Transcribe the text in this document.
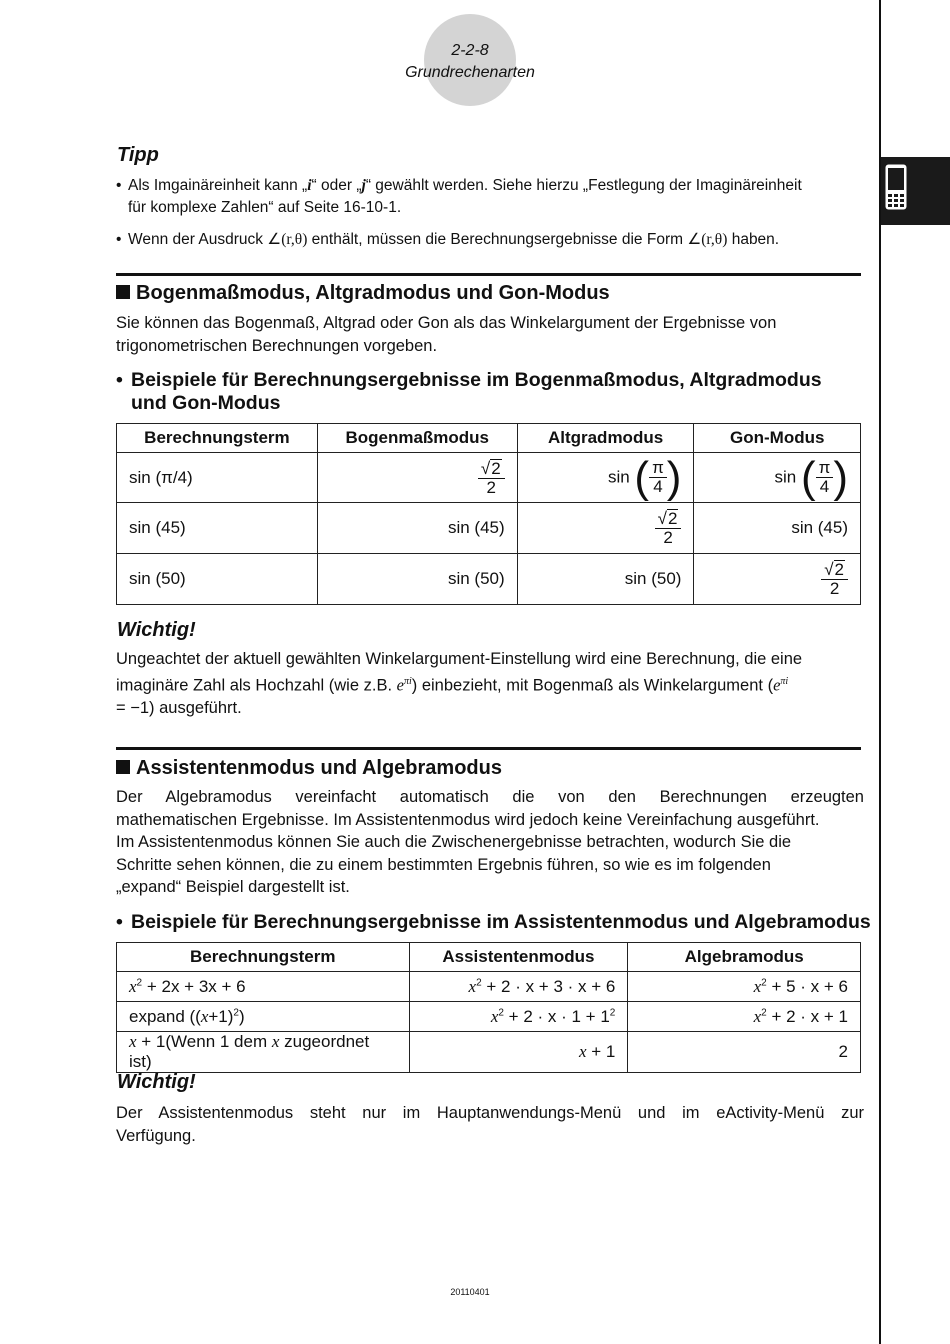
2-2-8
Grundrechenarten
Tipp
• Als Imgainäreinheit kann „i“ oder „j“ gewählt werden. Siehe hierzu „Festlegung der Imaginäreinheit
für komplexe Zahlen“ auf Seite 16-10-1.
• Wenn der Ausdruck ∠(r,θ) enthält, müssen die Berechnungsergebnisse die Form ∠(r,θ) haben.
Bogenmaßmodus, Altgradmodus und Gon-Modus
Sie können das Bogenmaß, Altgrad oder Gon als das Winkelargument der Ergebnisse von
trigonometrischen Berechnungen vorgeben.
• Beispiele für Berechnungsergebnisse im Bogenmaßmodus, Altgradmodus
und Gon-Modus
Berechnungsterm	Bogenmaßmodus	Altgradmodus	Gon-Modus
sin (π/4)	$\frac{√ 2}{2}$	sin ( $\frac{\pi}{4}$ )	sin ( $\frac{\pi}{4}$ )
sin (45)	sin (45)	$\frac{√ 2}{2}$	sin (45)
sin (50)	sin (50)	sin (50)	$\frac{√ 2}{2}$
Wichtig!
Ungeachtet der aktuell gewählten Winkelargument-Einstellung wird eine Berechnung, die eine
imaginäre Zahl als Hochzahl (wie z.B. $e^{\pi i}$) einbezieht, mit Bogenmaß als Winkelargument ($e^{\pi i}$
= −1) ausgeführt.
Assistentenmodus und Algebramodus
Der Algebramodus vereinfacht automatisch die von den Berechnungen erzeugten
mathematischen Ergebnisse. Im Assistentenmodus wird jedoch keine Vereinfachung ausgeführt.
Im Assistentenmodus können Sie auch die Zwischenergebnisse betrachten, wodurch Sie die
Schritte sehen können, die zu einem bestimmten Ergebnis führen, so wie es im folgenden
„expand“ Beispiel dargestellt ist.
• Beispiele für Berechnungsergebnisse im Assistentenmodus und Algebramodus
Berechnungsterm	Assistentenmodus	Algebramodus
$x^2 + 2x + 3x + 6$	$x^2 + 2 \cdot x + 3 \cdot x + 6$	$x^2 + 5 \cdot x + 6$
expand $((x+1)^2)$	$x^2 + 2 \cdot x \cdot 1 + 1^2$	$x^2 + 2 \cdot x + 1$
x + 1(Wenn 1 dem x zugeordnet ist)	x + 1	2
Wichtig!
Der Assistentenmodus steht nur im Hauptanwendungs-Menü und im eActivity-Menü zur
Verfügung.
20110401
